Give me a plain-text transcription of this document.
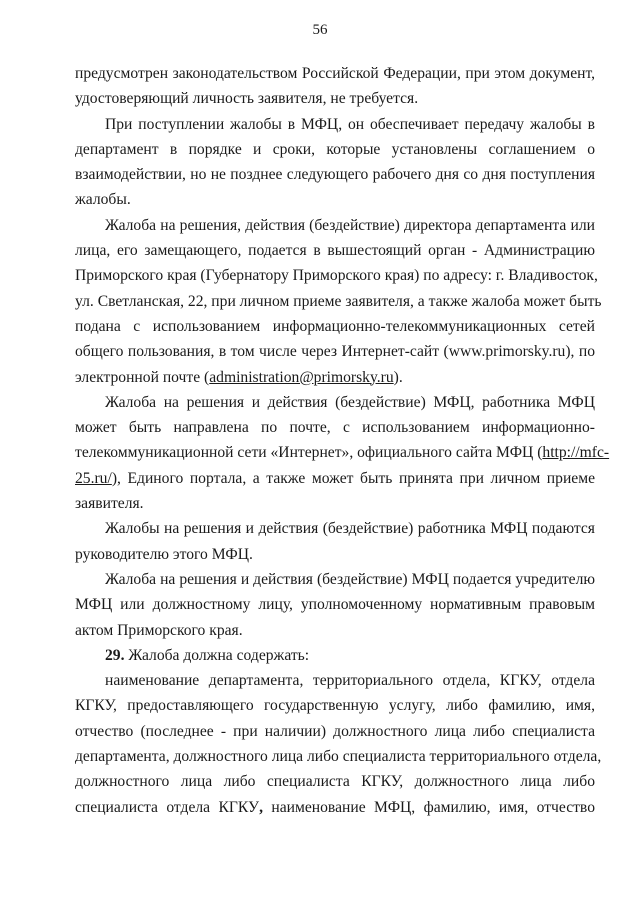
56
предусмотрен законодательством Российской Федерации, при этом документ,
удостоверяющий личность заявителя, не требуется.
При поступлении жалобы в МФЦ, он обеспечивает передачу жалобы в
департамент в порядке и сроки, которые установлены соглашением о
взаимодействии, но не позднее следующего рабочего дня со дня поступления
жалобы.
Жалоба на решения, действия (бездействие) директора департамента или
лица, его замещающего, подается в вышестоящий орган - Администрацию
Приморского края (Губернатору Приморского края) по адресу: г. Владивосток,
ул. Светланская, 22, при личном приеме заявителя, а также жалоба может быть
подана с использованием информационно-телекоммуникационных сетей
общего пользования, в том числе через Интернет-сайт (www.primorsky.ru), по
электронной почте (administration@primorsky.ru).
Жалоба на решения и действия (бездействие) МФЦ, работника МФЦ
может быть направлена по почте, с использованием информационно-
телекоммуникационной сети «Интернет», официального сайта МФЦ (http://mfc-
25.ru/), Единого портала, а также может быть принята при личном приеме
заявителя.
Жалобы на решения и действия (бездействие) работника МФЦ подаются
руководителю этого МФЦ.
Жалоба на решения и действия (бездействие) МФЦ подается учредителю
МФЦ или должностному лицу, уполномоченному нормативным правовым
актом Приморского края.
29. Жалоба должна содержать:
наименование департамента, территориального отдела, КГКУ, отдела
КГКУ, предоставляющего государственную услугу, либо фамилию, имя,
отчество (последнее - при наличии) должностного лица либо специалиста
департамента, должностного лица либо специалиста территориального отдела,
должностного лица либо специалиста КГКУ, должностного лица либо
специалиста отдела КГКУ, наименование МФЦ, фамилию, имя, отчество
